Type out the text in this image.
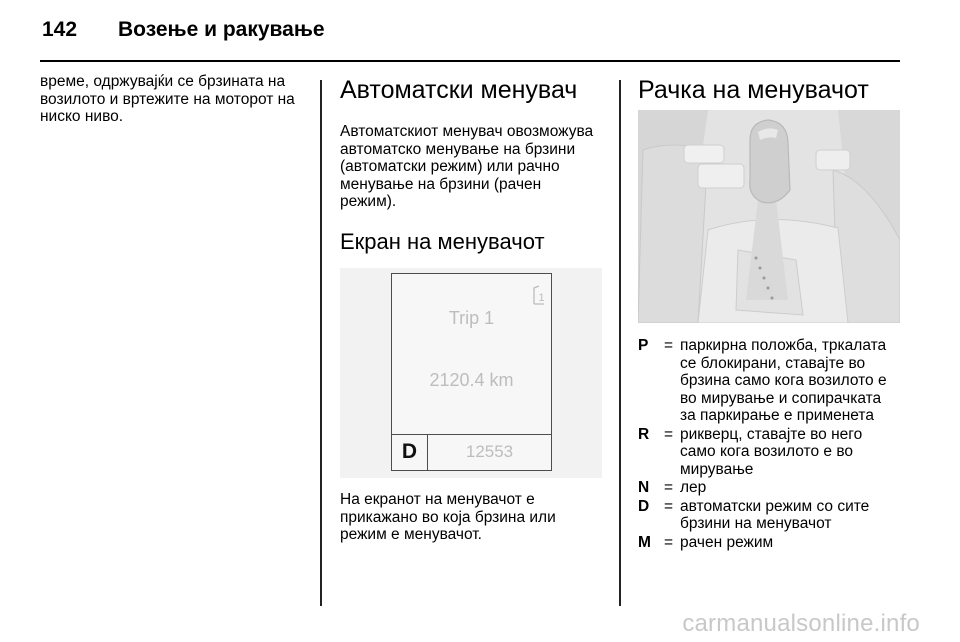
142 Возење и ракување
време, одржувајќи се брзината на
возилото и вртежите на моторот на
ниско ниво.
Автоматски менувач
Автоматскиот менувач овозможува
автоматско менување на брзини
(автоматски режим) или рачно
менување на брзини (рачен
режим).
Екран на менувачот
1
Trip 1
2120.4 km
D	12553
На екранот на менувачот е
прикажано во која брзина или
режим е менувачот.
Рачка на менувачот
P	= паркирна положба, тркалата
се блокирани, ставајте во
брзина само кога возилото е
во мирување и сопирачката
за паркирање е применета
R = рикверц, ставајте во него
само кога возилото е во
мирување
N = лер
D = автоматски режим со сите
брзини на менувачот
M = рачен режим
carmanualsonline.info
